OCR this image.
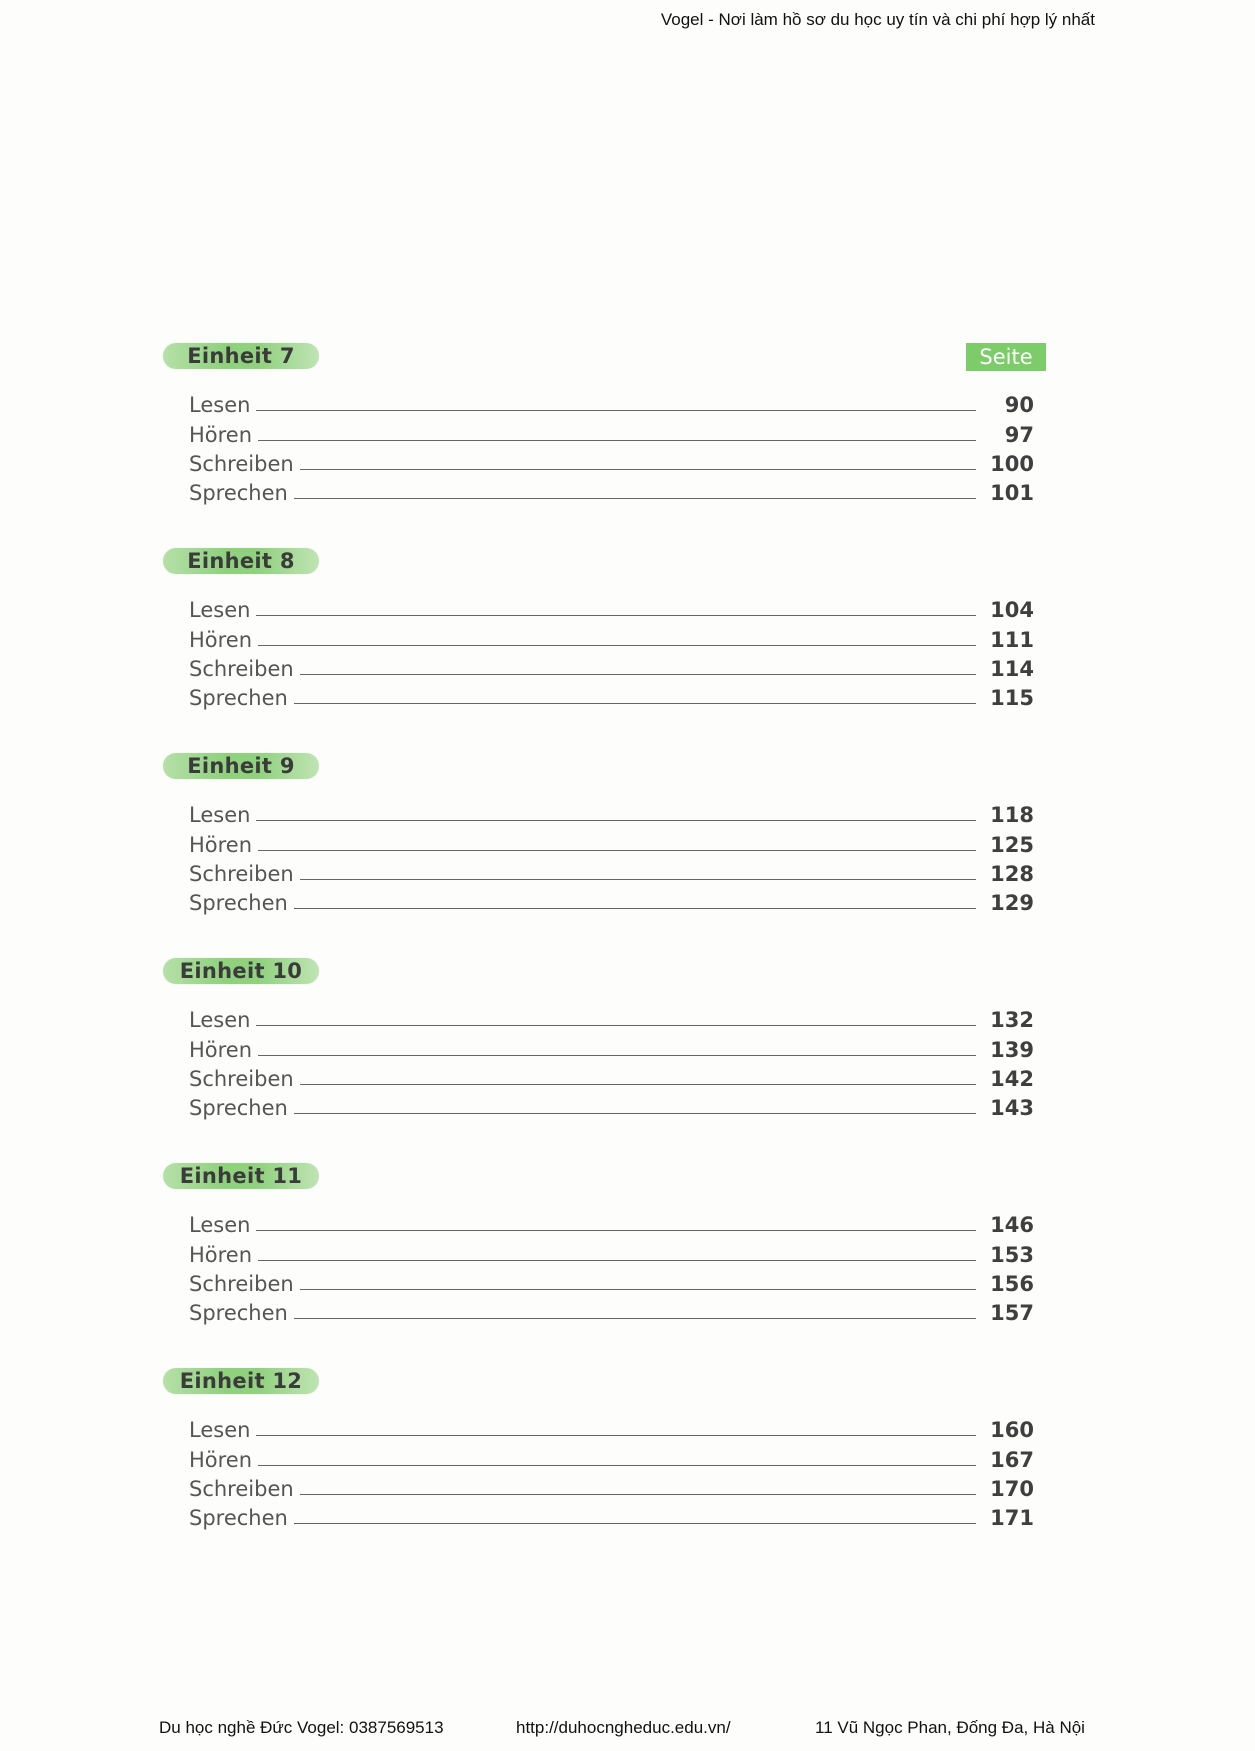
Vogel - Nơi làm hồ sơ du học uy tín và chi phí hợp lý nhất
Einheit 7	Seite
Lesen	90
Hören	97
Schreiben	100
Sprechen	101
Einheit 8
Lesen	104
Hören	111
Schreiben	114
Sprechen	115
Einheit 9
Lesen	118
Hören	125
Schreiben	128
Sprechen	129
Einheit 10
Lesen	132
Hören	139
Schreiben	142
Sprechen	143
Einheit 11
Lesen	146
Hören	153
Schreiben	156
Sprechen	157
Einheit 12
Lesen	160
Hören	167
Schreiben	170
Sprechen	171
Du học nghề Đức Vogel: 0387569513	http://duhocngheduc.edu.vn/	11 Vũ Ngọc Phan, Đống Đa, Hà Nội
